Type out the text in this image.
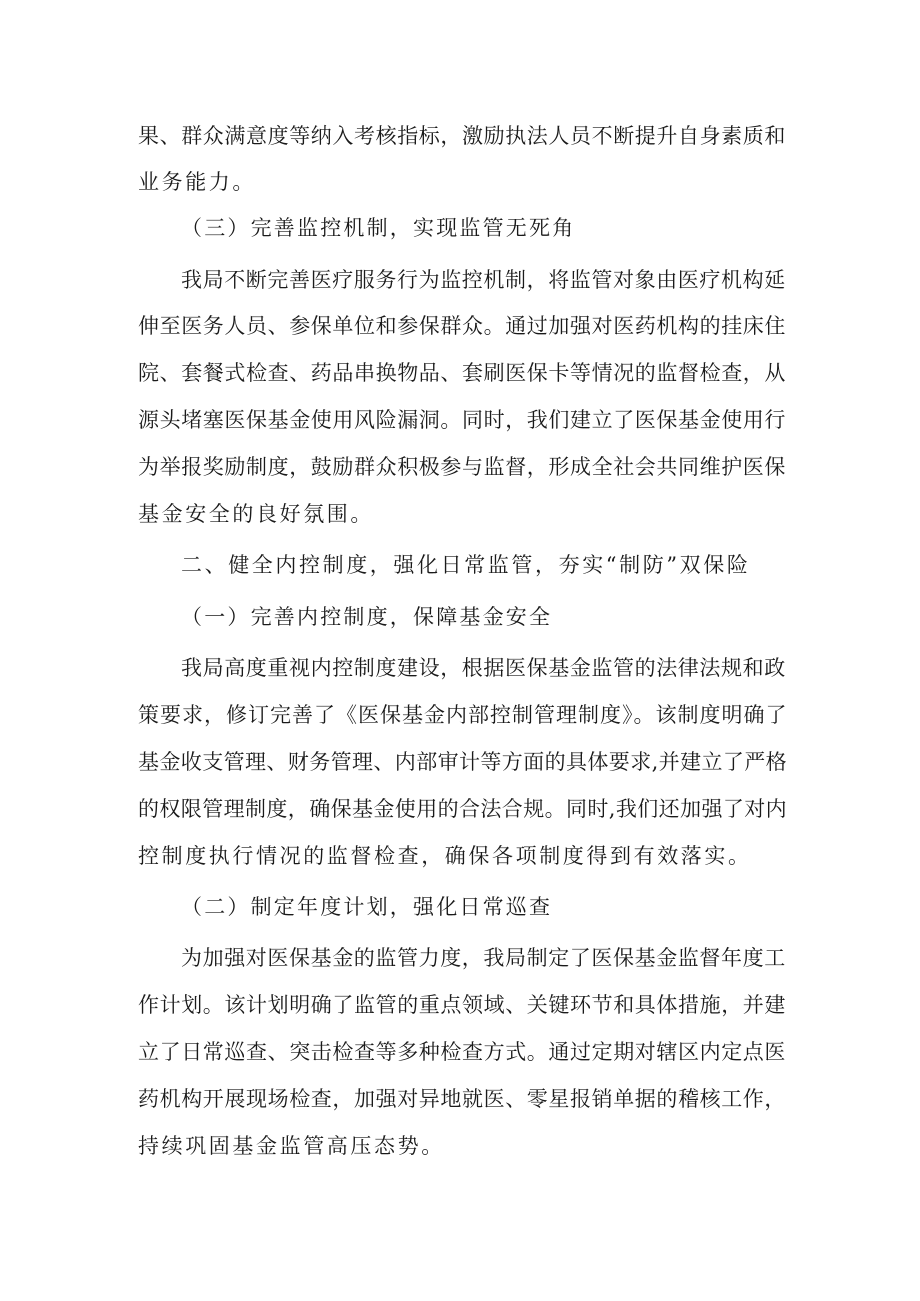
果、群众满意度等纳入考核指标，激励执法人员不断提升自身素质和
业务能力。
（三）完善监控机制，实现监管无死角
我局不断完善医疗服务行为监控机制，将监管对象由医疗机构延
伸至医务人员、参保单位和参保群众。通过加强对医药机构的挂床住
院、套餐式检查、药品串换物品、套刷医保卡等情况的监督检查，从
源头堵塞医保基金使用风险漏洞。同时，我们建立了医保基金使用行
为举报奖励制度，鼓励群众积极参与监督，形成全社会共同维护医保
基金安全的良好氛围。
二、健全内控制度，强化日常监管，夯实“制防”双保险
（一）完善内控制度，保障基金安全
我局高度重视内控制度建设，根据医保基金监管的法律法规和政
策要求，修订完善了《医保基金内部控制管理制度》。该制度明确了
基金收支管理、财务管理、内部审计等方面的具体要求,并建立了严格
的权限管理制度，确保基金使用的合法合规。同时,我们还加强了对内
控制度执行情况的监督检查，确保各项制度得到有效落实。
（二）制定年度计划，强化日常巡查
为加强对医保基金的监管力度，我局制定了医保基金监督年度工
作计划。该计划明确了监管的重点领域、关键环节和具体措施，并建
立了日常巡查、突击检查等多种检查方式。通过定期对辖区内定点医
药机构开展现场检查，加强对异地就医、零星报销单据的稽核工作，
持续巩固基金监管高压态势。
